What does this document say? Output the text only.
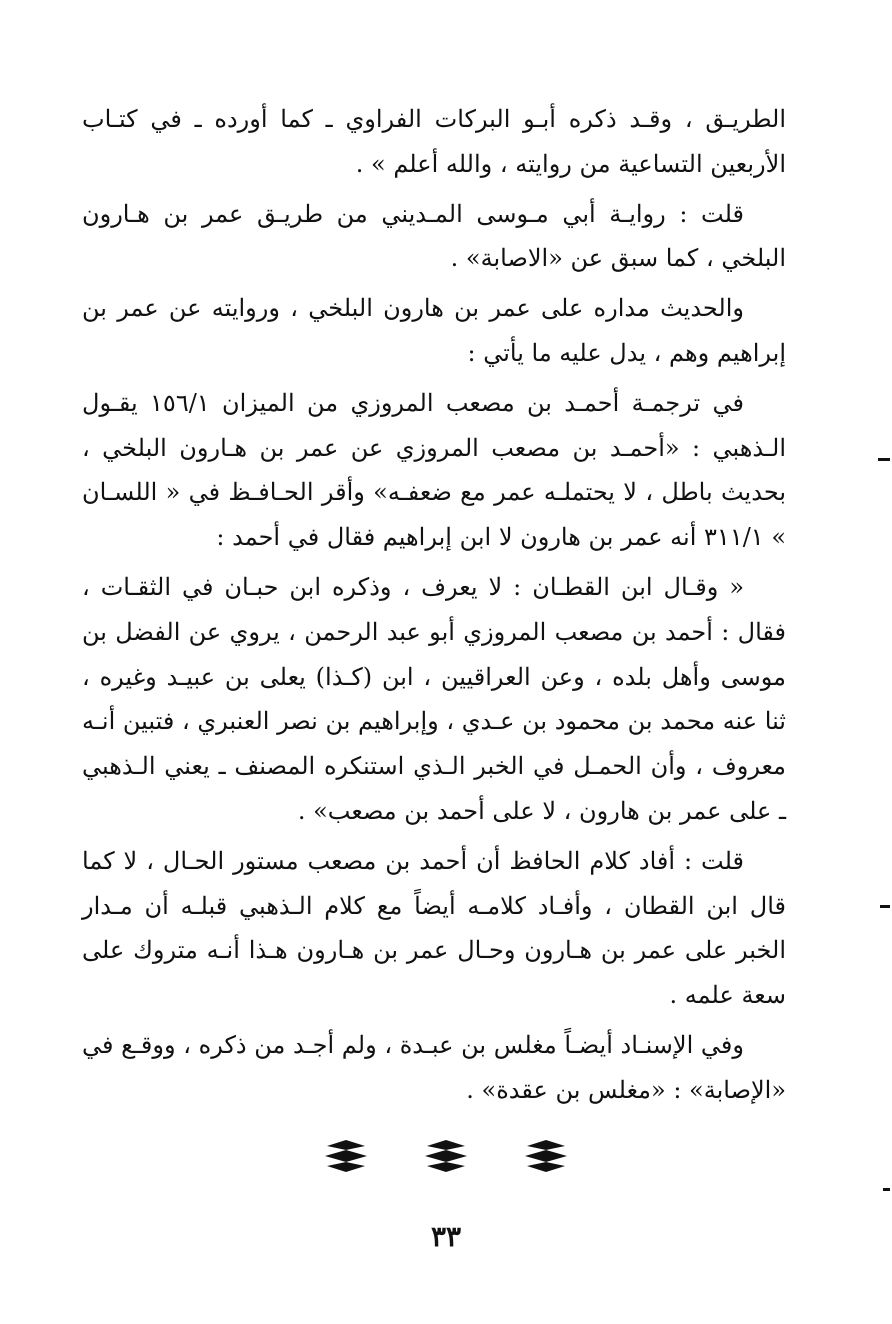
الطريـق ، وقـد ذكره أبـو البركات الفراوي ـ كما أورده ـ في كتـاب الأربعين التساعية من روايته ، والله أعلم » .

قلت : روايـة أبي مـوسى المـديني من طريـق عمر بن هـارون البلخي ، كما سبق عن «الاصابة» .

والحديث مداره على عمر بن هارون البلخي ، وروايته عن عمر بن إبراهيم وهم ، يدل عليه ما يأتي :

في ترجمـة أحمـد بن مصعب المروزي من الميزان ١٥٦/١ يقـول الـذهبي : «أحمـد بن مصعب المروزي عن عمر بن هـارون البلخي ، بحديث باطل ، لا يحتملـه عمر مع ضعفـه» وأقر الحـافـظ في « اللسـان » ٣١١/١ أنه عمر بن هارون لا ابن إبراهيم فقال في أحمد :

« وقـال ابن القطـان : لا يعرف ، وذكره ابن حبـان في الثقـات ، فقال : أحمد بن مصعب المروزي أبو عبد الرحمن ، يروي عن الفضل بن موسى وأهل بلده ، وعن العراقيين ، ابن (كـذا) يعلى بن عبيـد وغيره ، ثنا عنه محمد بن محمود بن عـدي ، وإبراهيم بن نصر العنبري ، فتبين أنـه معروف ، وأن الحمـل في الخبر الـذي استنكره المصنف ـ يعني الـذهبي ـ على عمر بن هارون ، لا على أحمد بن مصعب» .

قلت : أفاد كلام الحافظ أن أحمد بن مصعب مستور الحـال ، لا كما قال ابن القطان ، وأفـاد كلامـه أيضاً مع كلام الـذهبي قبلـه أن مـدار الخبر على عمر بن هـارون وحـال عمر بن هـارون هـذا أنـه متروك على سعة علمه .

وفي الإسنـاد أيضـاً مغلس بن عبـدة ، ولم أجـد من ذكره ، ووقـع في «الإصابة» : «مغلس بن عقدة» .

٣٣
